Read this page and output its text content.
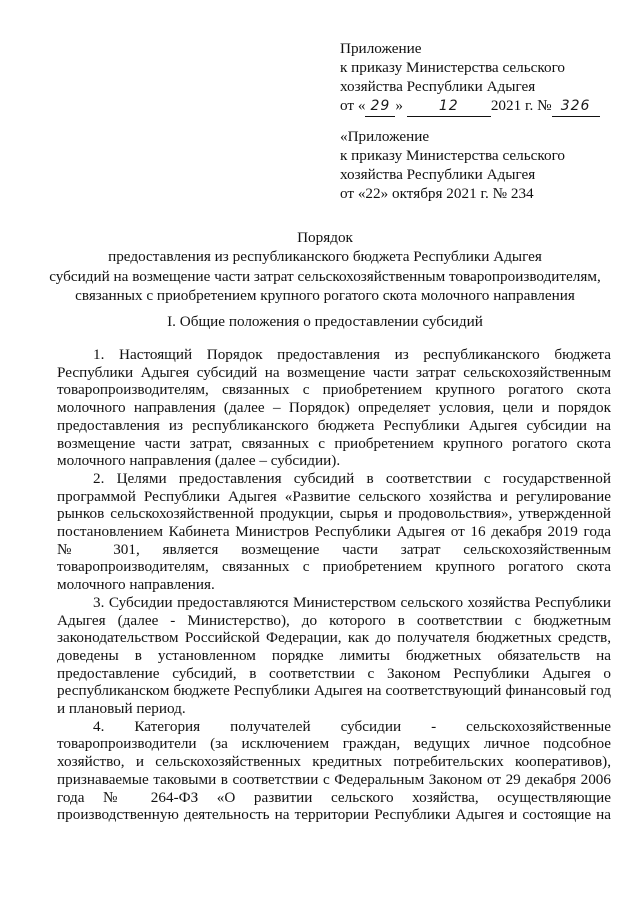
Приложение
к приказу Министерства сельского
хозяйства Республики Адыгея
от « 29 »	12 2021 г. № 326
«Приложение
к приказу Министерства сельского
хозяйства Республики Адыгея
от «22» октября 2021 г. № 234
Порядок
предоставления из республиканского бюджета Республики Адыгея
субсидий на возмещение части затрат сельскохозяйственным товаропроизводителям,
связанных с приобретением крупного рогатого скота молочного направления
I. Общие положения о предоставлении субсидий

1. Настоящий Порядок предоставления из республиканского бюджета Республики Адыгея субсидий на возмещение части затрат сельскохозяйственным товаропроизводителям, связанных с приобретением крупного рогатого скота молочного направления (далее – Порядок) определяет условия, цели и порядок предоставления из республиканского бюджета Республики Адыгея субсидии на возмещение части затрат, связанных с приобретением крупного рогатого скота молочного направления (далее – субсидии).

2. Целями предоставления субсидий в соответствии с государственной программой Республики Адыгея «Развитие сельского хозяйства и регулирование рынков сельскохозяйственной продукции, сырья и продовольствия», утвержденной постановлением Кабинета Министров Республики Адыгея от 16 декабря 2019 года № 301, является возмещение части затрат сельскохозяйственным товаропроизводителям, связанных с приобретением крупного рогатого скота молочного направления.

3. Субсидии предоставляются Министерством сельского хозяйства Республики Адыгея (далее - Министерство), до которого в соответствии с бюджетным законодательством Российской Федерации, как до получателя бюджетных средств, доведены в установленном порядке лимиты бюджетных обязательств на предоставление субсидий, в соответствии с Законом Республики Адыгея о республиканском бюджете Республики Адыгея на соответствующий финансовый год и плановый период.

4. Категория получателей субсидии - сельскохозяйственные товаропроизводители (за исключением граждан, ведущих личное подсобное хозяйство, и сельскохозяйственных кредитных потребительских кооперативов), признаваемые таковыми в соответствии с Федеральным Законом от 29 декабря 2006 года № 264-ФЗ «О развитии сельского хозяйства, осуществляющие производственную деятельность на территории Республики Адыгея и состоящие на
